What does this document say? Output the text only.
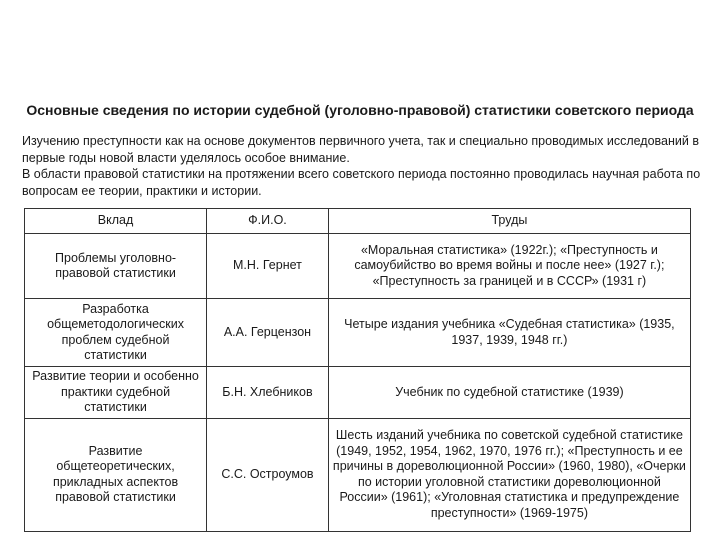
Основные сведения по истории судебной (уголовно-правовой) статистики советского периода

Изучению преступности как на основе документов первичного учета, так и специально проводимых исследований в первые годы новой власти уделялось особое внимание.

В области правовой статистики на протяжении всего советского периода постоянно проводилась научная работа по вопросам ее теории, практики и истории.

Вклад	Ф.И.О.	Труды
Проблемы уголовно-правовой статистики	М.Н. Гернет	«Моральная статистика» (1922г.); «Преступность и самоубийство во время войны и после нее» (1927 г.); «Преступность за границей и в СССР» (1931 г)
Разработка общеметодологических проблем судебной статистики	А.А. Герцензон	Четыре издания учебника «Судебная статистика» (1935, 1937, 1939, 1948 гг.)
Развитие теории и особенно практики судебной статистики	Б.Н. Хлебников	Учебник по судебной статистике (1939)
Развитие общетеоретических, прикладных аспектов правовой статистики	С.С. Остроумов	Шесть изданий учебника по советской судебной статистике (1949, 1952, 1954, 1962, 1970, 1976 гг.); «Преступность и ее причины в дореволюционной России» (1960, 1980), «Очерки по истории уголовной статистики дореволюционной России» (1961); «Уголовная статистика и предупреждение преступности» (1969-1975)
